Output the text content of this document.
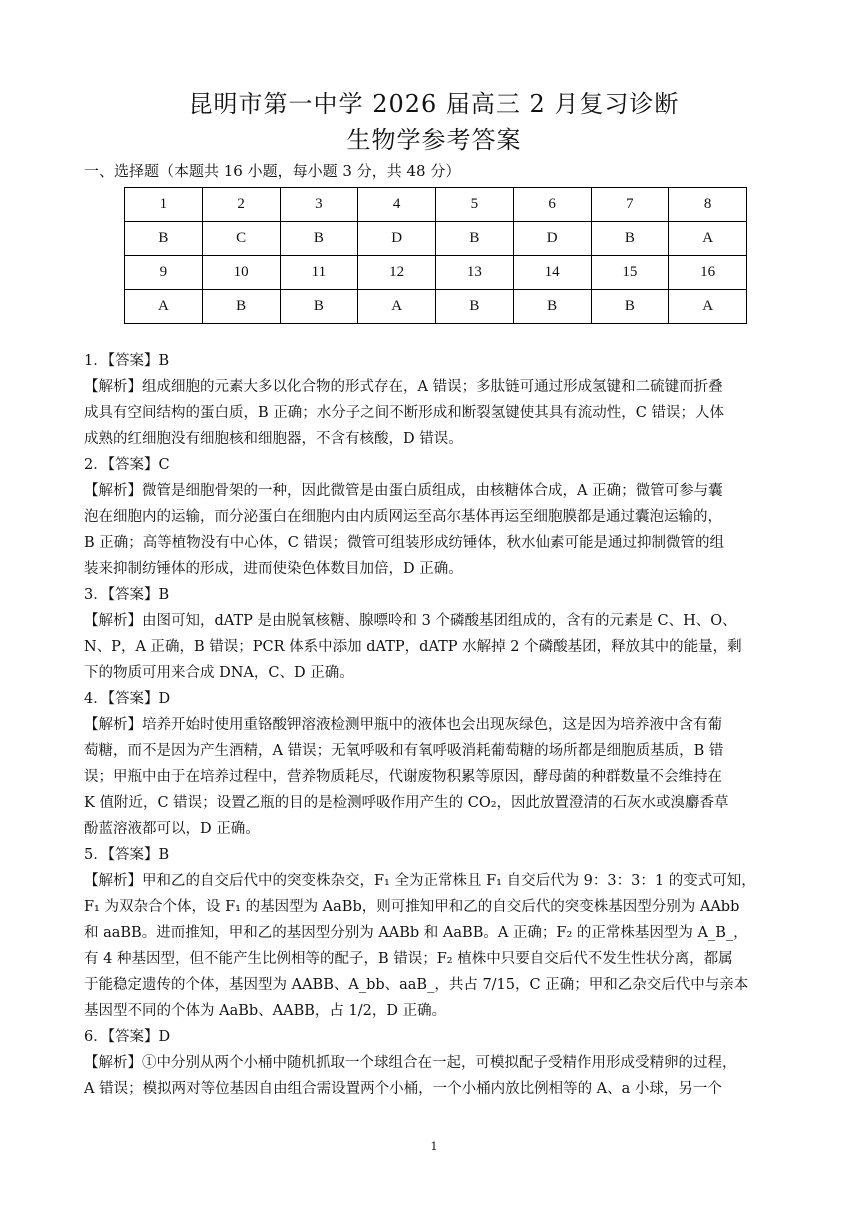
昆明市第一中学 2026 届高三 2 月复习诊断
生物学参考答案
一、选择题（本题共 16 小题，每小题 3 分，共 48 分）
1	2	3	4	5	6	7	8
B	C	B	D	B	D	B	A
9	10	11	12	13	14	15	16
A	B	B	A	B	B	B	A
1．【答案】B
【解析】组成细胞的元素大多以化合物的形式存在，A 错误；多肽链可通过形成氢键和二硫键而折叠
成具有空间结构的蛋白质，B 正确；水分子之间不断形成和断裂氢键使其具有流动性，C 错误；人体
成熟的红细胞没有细胞核和细胞器，不含有核酸，D 错误。
2．【答案】C
【解析】微管是细胞骨架的一种，因此微管是由蛋白质组成，由核糖体合成，A 正确；微管可参与囊
泡在细胞内的运输，而分泌蛋白在细胞内由内质网运至高尔基体再运至细胞膜都是通过囊泡运输的，
B 正确；高等植物没有中心体，C 错误；微管可组装形成纺锤体，秋水仙素可能是通过抑制微管的组
装来抑制纺锤体的形成，进而使染色体数目加倍，D 正确。
3．【答案】B
【解析】由图可知，dATP 是由脱氧核糖、腺嘌呤和 3 个磷酸基团组成的，含有的元素是 C、H、O、
N、P，A 正确，B 错误；PCR 体系中添加 dATP，dATP 水解掉 2 个磷酸基团，释放其中的能量，剩
下的物质可用来合成 DNA，C、D 正确。
4．【答案】D
【解析】培养开始时使用重铬酸钾溶液检测甲瓶中的液体也会出现灰绿色，这是因为培养液中含有葡
萄糖，而不是因为产生酒精，A 错误；无氧呼吸和有氧呼吸消耗葡萄糖的场所都是细胞质基质，B 错
误；甲瓶中由于在培养过程中，营养物质耗尽，代谢废物积累等原因，酵母菌的种群数量不会维持在
K 值附近，C 错误；设置乙瓶的目的是检测呼吸作用产生的 CO₂，因此放置澄清的石灰水或溴麝香草
酚蓝溶液都可以，D 正确。
5．【答案】B
【解析】甲和乙的自交后代中的突变株杂交，F₁ 全为正常株且 F₁ 自交后代为 9：3：3：1 的变式可知，
F₁ 为双杂合个体，设 F₁ 的基因型为 AaBb，则可推知甲和乙的自交后代的突变株基因型分别为 AAbb
和 aaBB。进而推知，甲和乙的基因型分别为 AABb 和 AaBB。A 正确；F₂ 的正常株基因型为 A_B_，
有 4 种基因型，但不能产生比例相等的配子，B 错误；F₂ 植株中只要自交后代不发生性状分离，都属
于能稳定遗传的个体，基因型为 AABB、A_bb、aaB_，共占 7/15，C 正确；甲和乙杂交后代中与亲本
基因型不同的个体为 AaBb、AABB，占 1/2，D 正确。
6．【答案】D
【解析】①中分别从两个小桶中随机抓取一个球组合在一起，可模拟配子受精作用形成受精卵的过程，
A 错误；模拟两对等位基因自由组合需设置两个小桶，一个小桶内放比例相等的 A、a 小球，另一个
1
